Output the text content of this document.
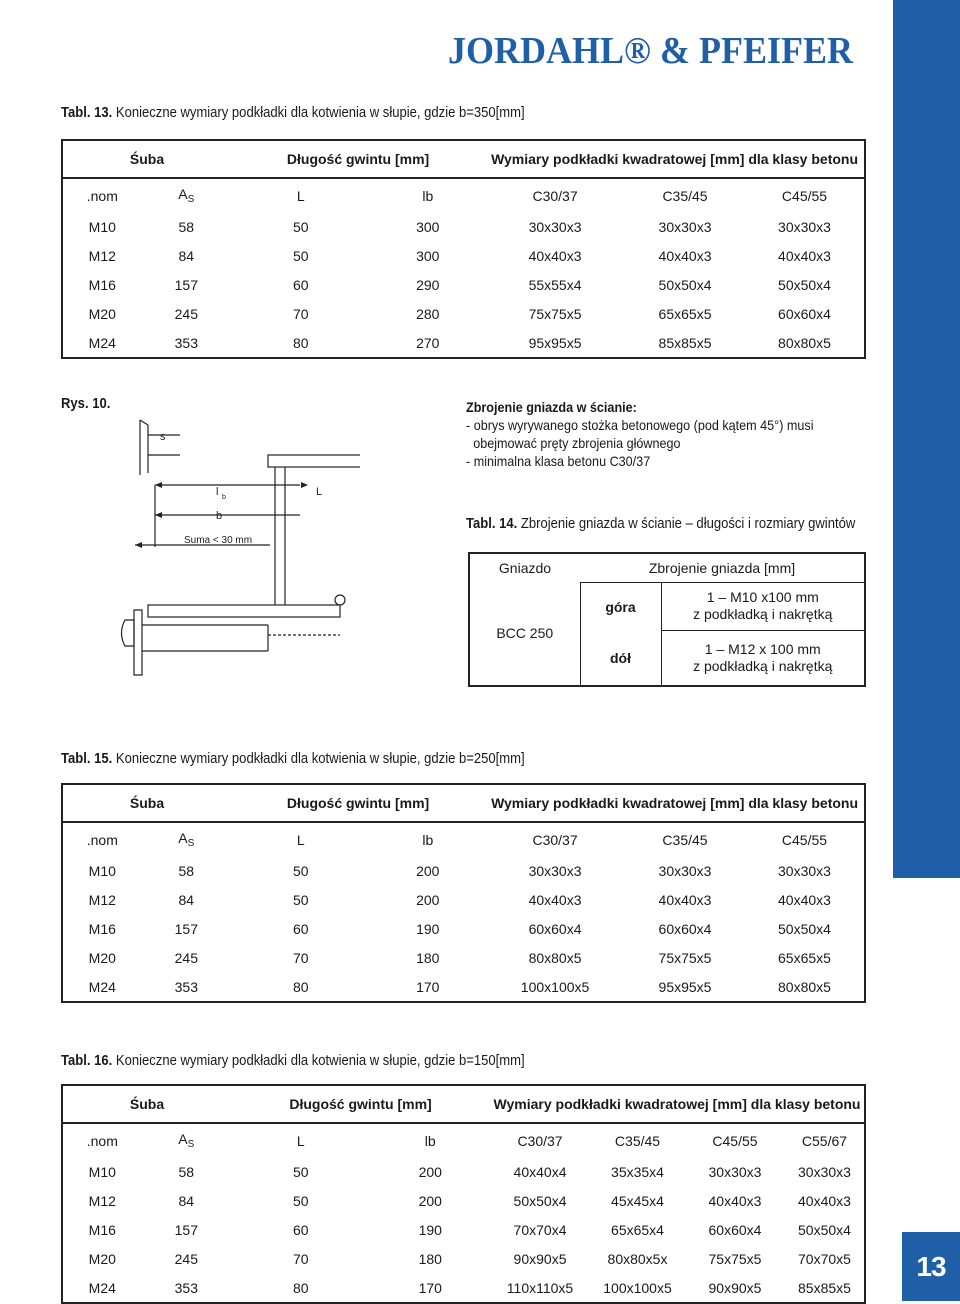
13
JORDAHL® & PFEIFER
Tabl. 13. Konieczne wymiary podkładki dla kotwienia w słupie, gdzie b=350[mm]
Śuba		Długość gwintu [mm]		Wymiary podkładki kwadratowej [mm] dla klasy betonu		
.nom	$A_S$	L	lb	C30/37	C35/45	C45/55
M10	58	50	300	30x30x3	30x30x3	30x30x3
M12	84	50	300	40x40x3	40x40x3	40x40x3
M16	157	60	290	55x55x4	50x50x4	50x50x4
M20	245	70	280	75x75x5	65x65x5	60x60x4
M24	353	80	270	95x95x5	85x85x5	80x80x5
Rys. 10.
s
l b	L
b
Suma < 30 mm
Zbrojenie gniazda w ścianie:
- obrys wyrywanego stożka betonowego (pod kątem 45°) musi
obejmować pręty zbrojenia głównego
- minimalna klasa betonu C30/37
Tabl. 14. Zbrojenie gniazda w ścianie – długości i rozmiary gwintów
Gniazdo	Zbrojenie gniazda [mm]	
BCC 250	góra	1 – M10 x100 mm
z podkładką i nakrętką

	dół	1 – M12 x 100 mm
z podkładką i nakrętką
Tabl. 15. Konieczne wymiary podkładki dla kotwienia w słupie, gdzie b=250[mm]
Śuba		Długość gwintu [mm]		Wymiary podkładki kwadratowej [mm] dla klasy betonu		
.nom	$A_S$	L	lb	C30/37	C35/45	C45/55
M10	58	50	200	30x30x3	30x30x3	30x30x3
M12	84	50	200	40x40x3	40x40x3	40x40x3
M16	157	60	190	60x60x4	60x60x4	50x50x4
M20	245	70	180	80x80x5	75x75x5	65x65x5
M24	353	80	170	100x100x5	95x95x5	80x80x5
Tabl. 16. Konieczne wymiary podkładki dla kotwienia w słupie, gdzie b=150[mm]
Śuba		Długość gwintu [mm]		Wymiary podkładki kwadratowej [mm] dla klasy betonu			
.nom	$A_S$	L	lb	C30/37	C35/45	C45/55	C55/67
M10	58	50	200	40x40x4	35x35x4	30x30x3	30x30x3
M12	84	50	200	50x50x4	45x45x4	40x40x3	40x40x3
M16	157	60	190	70x70x4	65x65x4	60x60x4	50x50x4
M20	245	70	180	90x90x5	80x80x5x	75x75x5	70x70x5
M24	353	80	170	110x110x5	100x100x5	90x90x5	85x85x5
